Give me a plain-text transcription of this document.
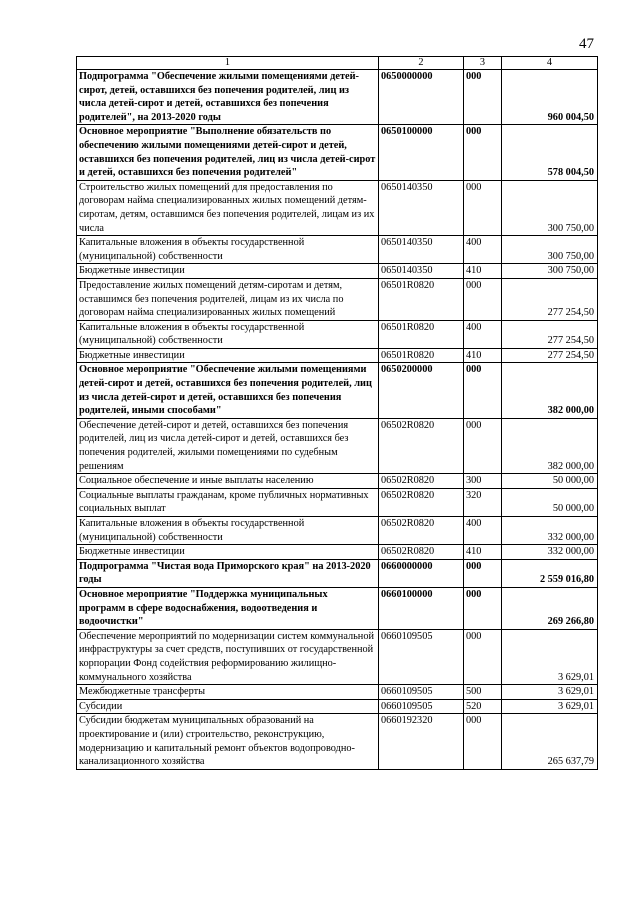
47
1	2	3	4
Подпрограмма "Обеспечение жилыми помещениями детей-сирот, детей, оставшихся без попечения родителей, лиц из числа детей-сирот и детей, оставшихся без попечения родителей", на 2013-2020 годы	0650000000	000	960 004,50
Основное мероприятие "Выполнение обязательств по обеспечению жилыми помещениями детей-сирот и детей, оставшихся без попечения родителей, лиц из числа детей-сирот и детей, оставшихся без попечения родителей"	0650100000	000	578 004,50
Строительство жилых помещений для предоставления по договорам найма специализированных жилых помещений детям-сиротам, детям, оставшимся без попечения родителей, лицам из их числа	0650140350	000	300 750,00
Капитальные вложения в объекты государственной (муниципальной) собственности	0650140350	400	300 750,00
Бюджетные инвестиции	0650140350	410	300 750,00
Предоставление жилых помещений детям-сиротам и детям, оставшимся без попечения родителей, лицам из их числа по договорам найма специализированных жилых помещений	06501R0820	000	277 254,50
Капитальные вложения в объекты государственной (муниципальной) собственности	06501R0820	400	277 254,50
Бюджетные инвестиции	06501R0820	410	277 254,50
Основное мероприятие "Обеспечение жилыми помещениями детей-сирот и детей, оставшихся без попечения родителей, лиц из числа детей-сирот и детей, оставшихся без попечения родителей, иными способами"	0650200000	000	382 000,00
Обеспечение детей-сирот и детей, оставшихся без попечения родителей, лиц из числа детей-сирот и детей, оставшихся без попечения родителей, жилыми помещениями по судебным решениям	06502R0820	000	382 000,00
Социальное обеспечение и иные выплаты населению	06502R0820	300	50 000,00
Социальные выплаты гражданам, кроме публичных нормативных социальных выплат	06502R0820	320	50 000,00
Капитальные вложения в объекты государственной (муниципальной) собственности	06502R0820	400	332 000,00
Бюджетные инвестиции	06502R0820	410	332 000,00
Подпрограмма "Чистая вода Приморского края" на 2013-2020 годы	0660000000	000	2 559 016,80
Основное мероприятие "Поддержка муниципальных программ в сфере водоснабжения, водоотведения и водоочистки"	0660100000	000	269 266,80
Обеспечение мероприятий по модернизации систем коммунальной инфраструктуры за счет средств, поступивших от государственной корпорации Фонд содействия реформированию жилищно-коммунального хозяйства	0660109505	000	3 629,01
Межбюджетные трансферты	0660109505	500	3 629,01
Субсидии	0660109505	520	3 629,01
Субсидии бюджетам муниципальных образований на проектирование и (или) строительство, реконструкцию, модернизацию и капитальный ремонт объектов водопроводно-канализационного хозяйства	0660192320	000	265 637,79
